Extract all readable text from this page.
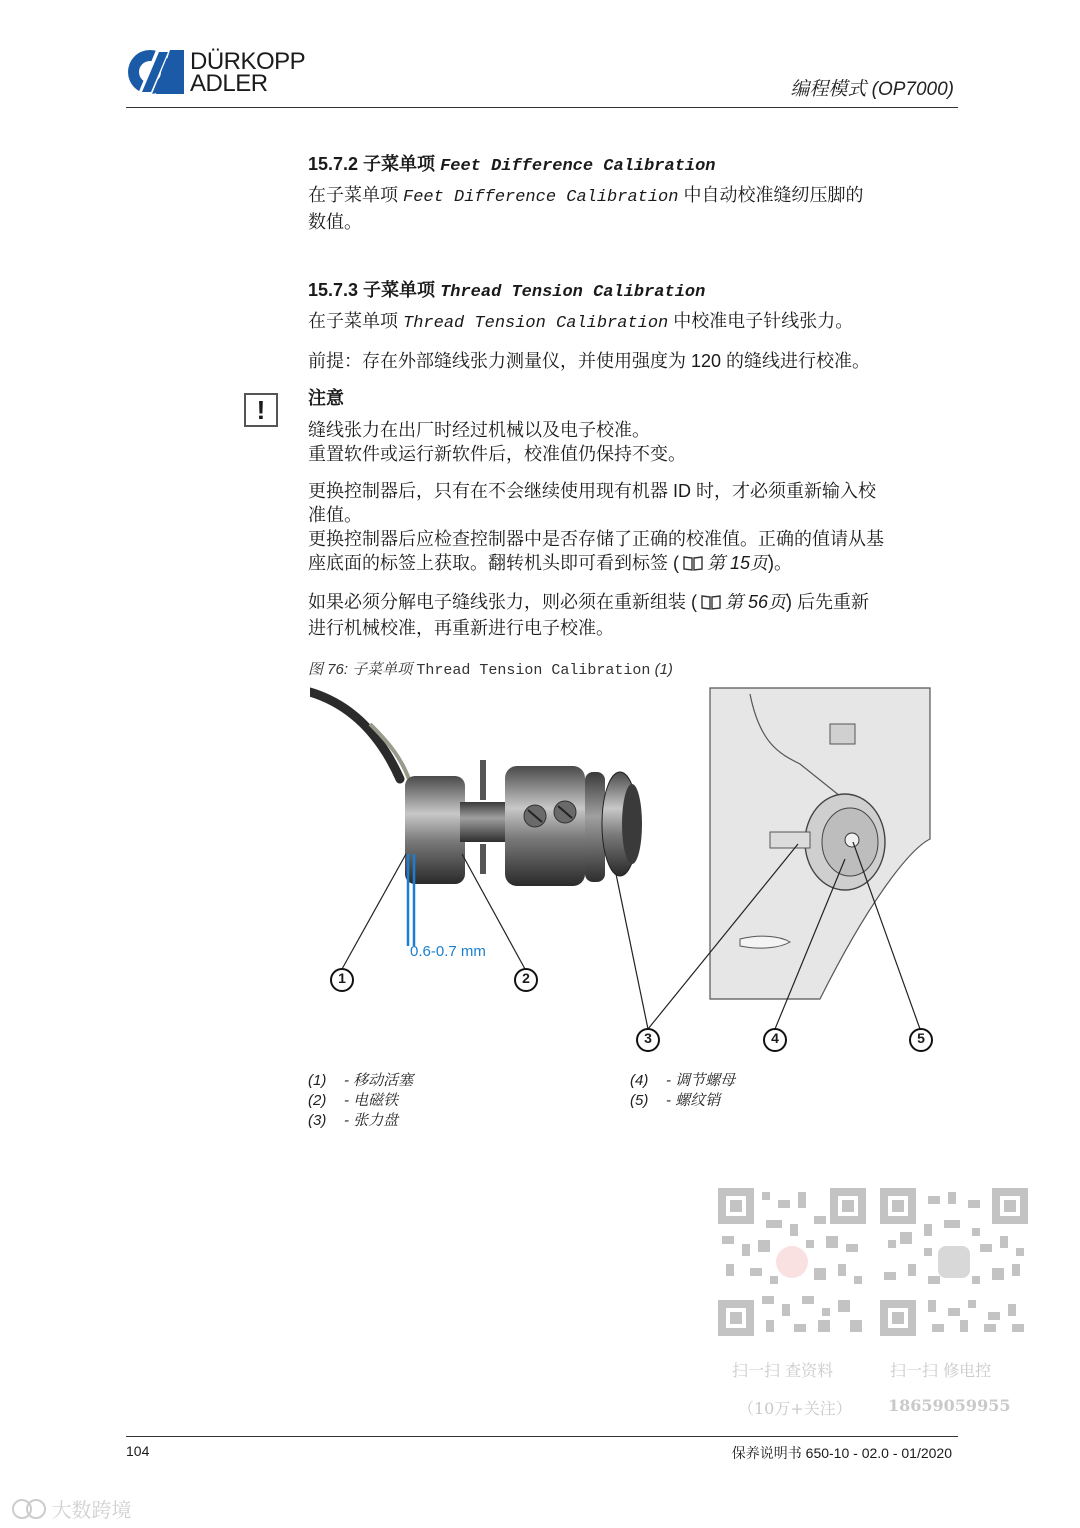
DÜRKOPP
ADLER	编程模式 (OP7000)
15.7.2 子菜单项 Feet Difference Calibration
在子菜单项 Feet Difference Calibration 中自动校准缝纫压脚的
数值。
15.7.3 子菜单项 Thread Tension Calibration
在子菜单项 Thread Tension Calibration 中校准电子针线张力。
前提：存在外部缝线张力测量仪，并使用强度为 120 的缝线进行校准。
!	注意
缝线张力在出厂时经过机械以及电子校准。
重置软件或运行新软件后，校准值仍保持不变。
更换控制器后，只有在不会继续使用现有机器 ID 时，才必须重新输入校
准值。
更换控制器后应检查控制器中是否存储了正确的校准值。正确的值请从基
座底面的标签上获取。翻转机头即可看到标签 ( 第 15页)。
如果必须分解电子缝线张力，则必须在重新组装 ( 第 56页) 后先重新
进行机械校准，再重新进行电子校准。
图 76: 子菜单项 Thread Tension Calibration (1)
1	2
3	4	5
0.6-0.7 mm
(1) - 移动活塞
(2) - 电磁铁
(3) - 张力盘
(4) - 调节螺母
(5) - 螺纹销
扫一扫 查资料
（10万+关注）
扫一扫 修电控
18659059955
104	保养说明书 650-10 - 02.0 - 01/2020
大数跨境
